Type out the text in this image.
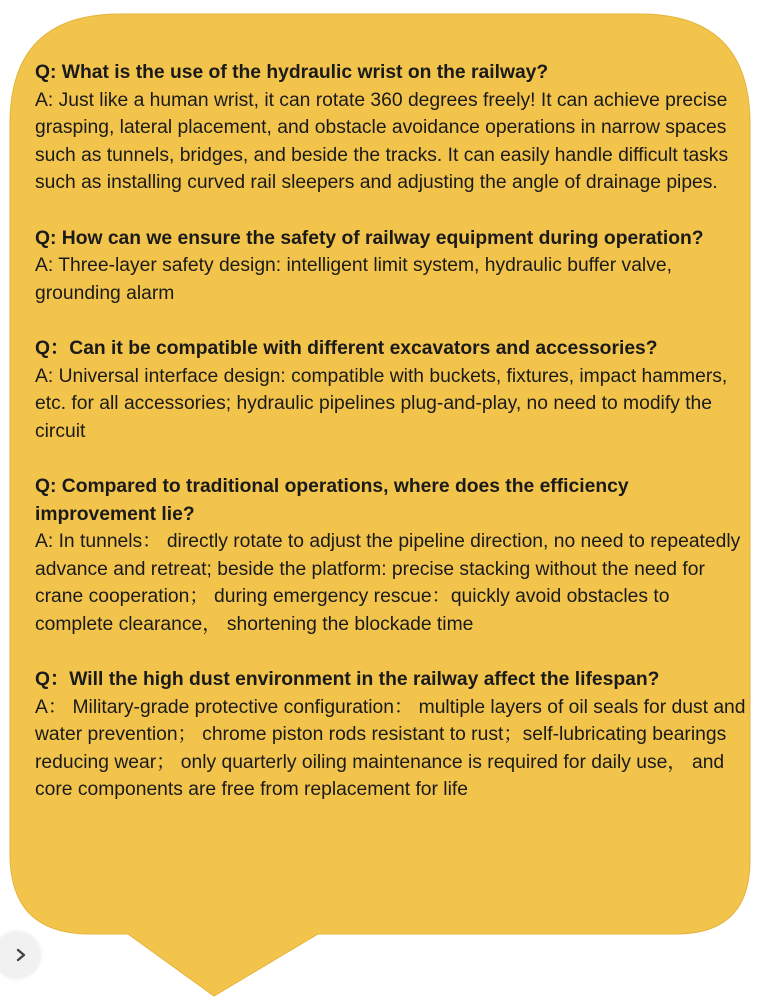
Q: What is the use of the hydraulic wrist on the railway?

A: Just like a human wrist, it can rotate 360 degrees freely! It can achieve precise grasping, lateral placement, and obstacle avoidance operations in narrow spaces such as tunnels, bridges, and beside the tracks. It can easily handle difficult tasks such as installing curved rail sleepers and adjusting the angle of drainage pipes.

Q: How can we ensure the safety of railway equipment during operation?

A: Three-layer safety design: intelligent limit system, hydraulic buffer valve, grounding alarm

Q：Can it be compatible with different excavators and accessories?

A: Universal interface design: compatible with buckets, fixtures, impact hammers, etc. for all accessories; hydraulic pipelines plug-and-play, no need to modify the circuit

Q: Compared to traditional operations, where does the efficiency improvement lie?

A: In tunnels： directly rotate to adjust the pipeline direction, no need to repeatedly advance and retreat; beside the platform: precise stacking without the need for crane cooperation； during emergency rescue：quickly avoid obstacles to complete clearance， shortening the blockade time

Q：Will the high dust environment in the railway affect the lifespan?

A： Military-grade protective configuration： multiple layers of oil seals for dust and water prevention； chrome piston rods resistant to rust；self-lubricating bearings reducing wear； only quarterly oiling maintenance is required for daily use， and core components are free from replacement for life
